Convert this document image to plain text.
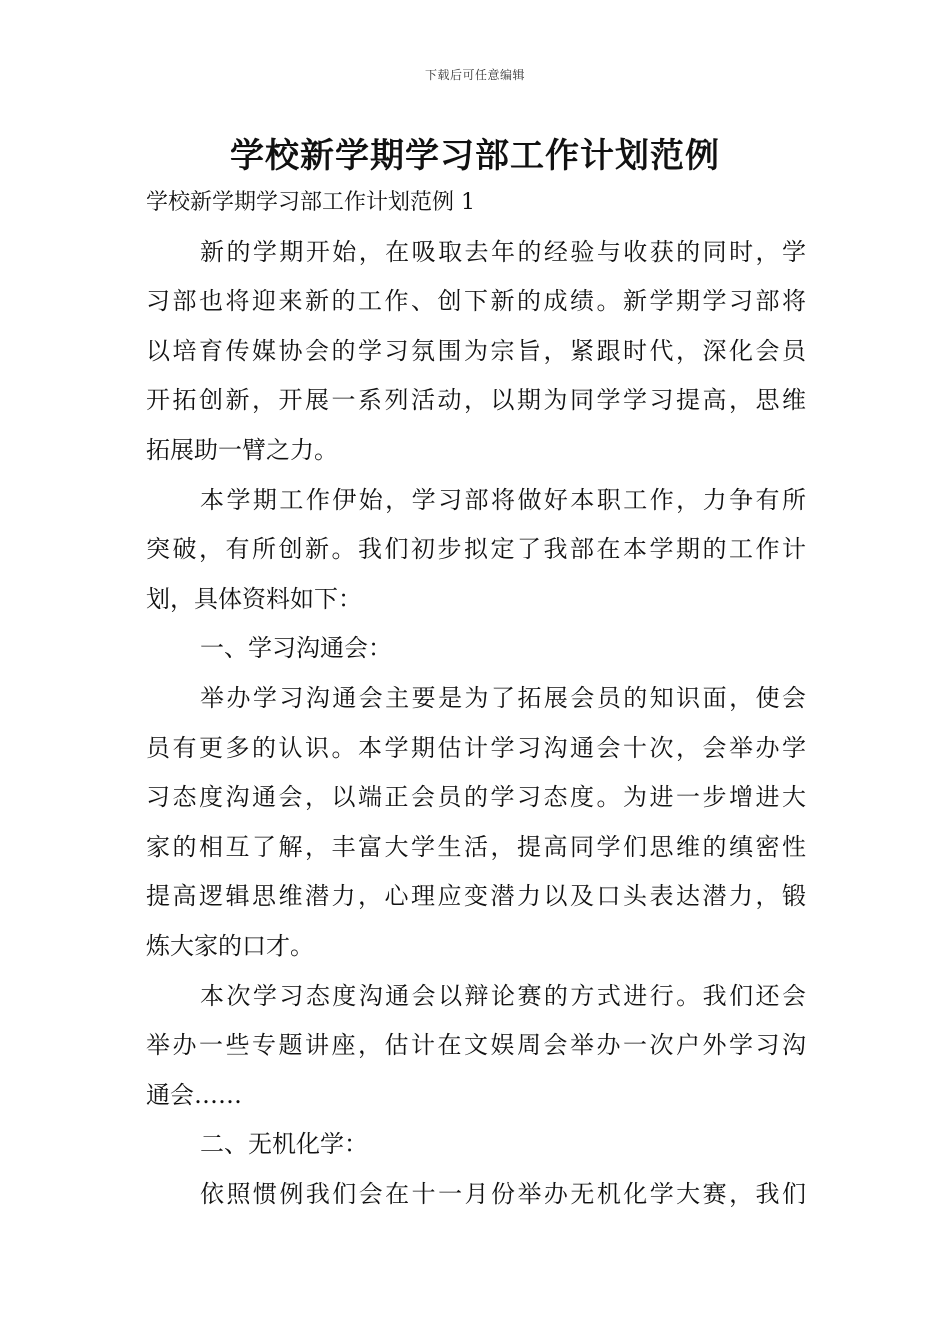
下载后可任意编辑
学校新学期学习部工作计划范例
学校新学期学习部工作计划范例 1
新的学期开始，在吸取去年的经验与收获的同时，学
习部也将迎来新的工作、创下新的成绩。新学期学习部将
以培育传媒协会的学习氛围为宗旨，紧跟时代，深化会员
开拓创新，开展一系列活动，以期为同学学习提高，思维
拓展助一臂之力。
本学期工作伊始，学习部将做好本职工作，力争有所
突破，有所创新。我们初步拟定了我部在本学期的工作计
划，具体资料如下：
一、学习沟通会：
举办学习沟通会主要是为了拓展会员的知识面，使会
员有更多的认识。本学期估计学习沟通会十次，会举办学
习态度沟通会，以端正会员的学习态度。为进一步增进大
家的相互了解，丰富大学生活，提高同学们思维的缜密性
提高逻辑思维潜力，心理应变潜力以及口头表达潜力，锻
炼大家的口才。
本次学习态度沟通会以辩论赛的方式进行。我们还会
举办一些专题讲座，估计在文娱周会举办一次户外学习沟
通会……
二、无机化学：
依照惯例我们会在十一月份举办无机化学大赛，我们
